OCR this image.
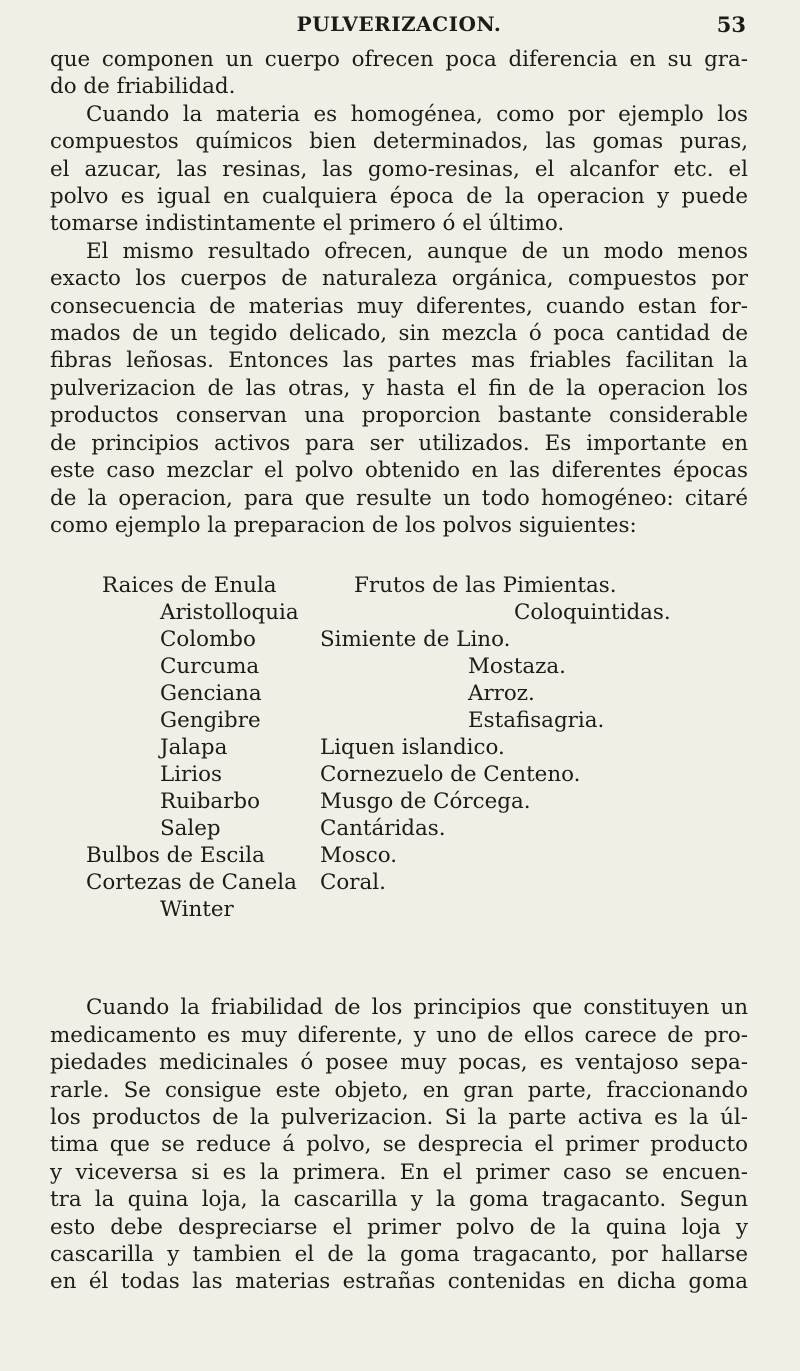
PULVERIZACION.	53

que componen un cuerpo ofrecen poca diferencia en su gra-
do de friabilidad.
Cuando la materia es homogénea, como por ejemplo los
compuestos químicos bien determinados, las gomas puras,
el azucar, las resinas, las gomo-resinas, el alcanfor etc. el
polvo es igual en cualquiera época de la operacion y puede
tomarse indistintamente el primero ó el último.
El mismo resultado ofrecen, aunque de un modo menos
exacto los cuerpos de naturaleza orgánica, compuestos por
consecuencia de materias muy diferentes, cuando estan for-
mados de un tegido delicado, sin mezcla ó poca cantidad de
fibras leñosas. Entonces las partes mas friables facilitan la
pulverizacion de las otras, y hasta el fin de la operacion los
productos conservan una proporcion bastante considerable
de principios activos para ser utilizados. Es importante en
este caso mezclar el polvo obtenido en las diferentes épocas
de la operacion, para que resulte un todo homogéneo: citaré
como ejemplo la preparacion de los polvos siguientes:

Raices de Enula
Aristolloquia
Colombo
Curcuma
Genciana
Gengibre
Jalapa
Lirios
Ruibarbo
Salep
Bulbos de Escila
Cortezas de Canela
Winter
Frutos de las Pimientas.
Coloquintidas.
Simiente de Lino.
Mostaza.
Arroz.
Estafisagria.
Liquen islandico.
Cornezuelo de Centeno.
Musgo de Córcega.
Cantáridas.
Mosco.
Coral.

Cuando la friabilidad de los principios que constituyen un
medicamento es muy diferente, y uno de ellos carece de pro-
piedades medicinales ó posee muy pocas, es ventajoso sepa-
rarle. Se consigue este objeto, en gran parte, fraccionando
los productos de la pulverizacion. Si la parte activa es la úl-
tima que se reduce á polvo, se desprecia el primer producto
y viceversa si es la primera. En el primer caso se encuen-
tra la quina loja, la cascarilla y la goma tragacanto. Segun
esto debe despreciarse el primer polvo de la quina loja y
cascarilla y tambien el de la goma tragacanto, por hallarse
en él todas las materias estrañas contenidas en dicha goma
